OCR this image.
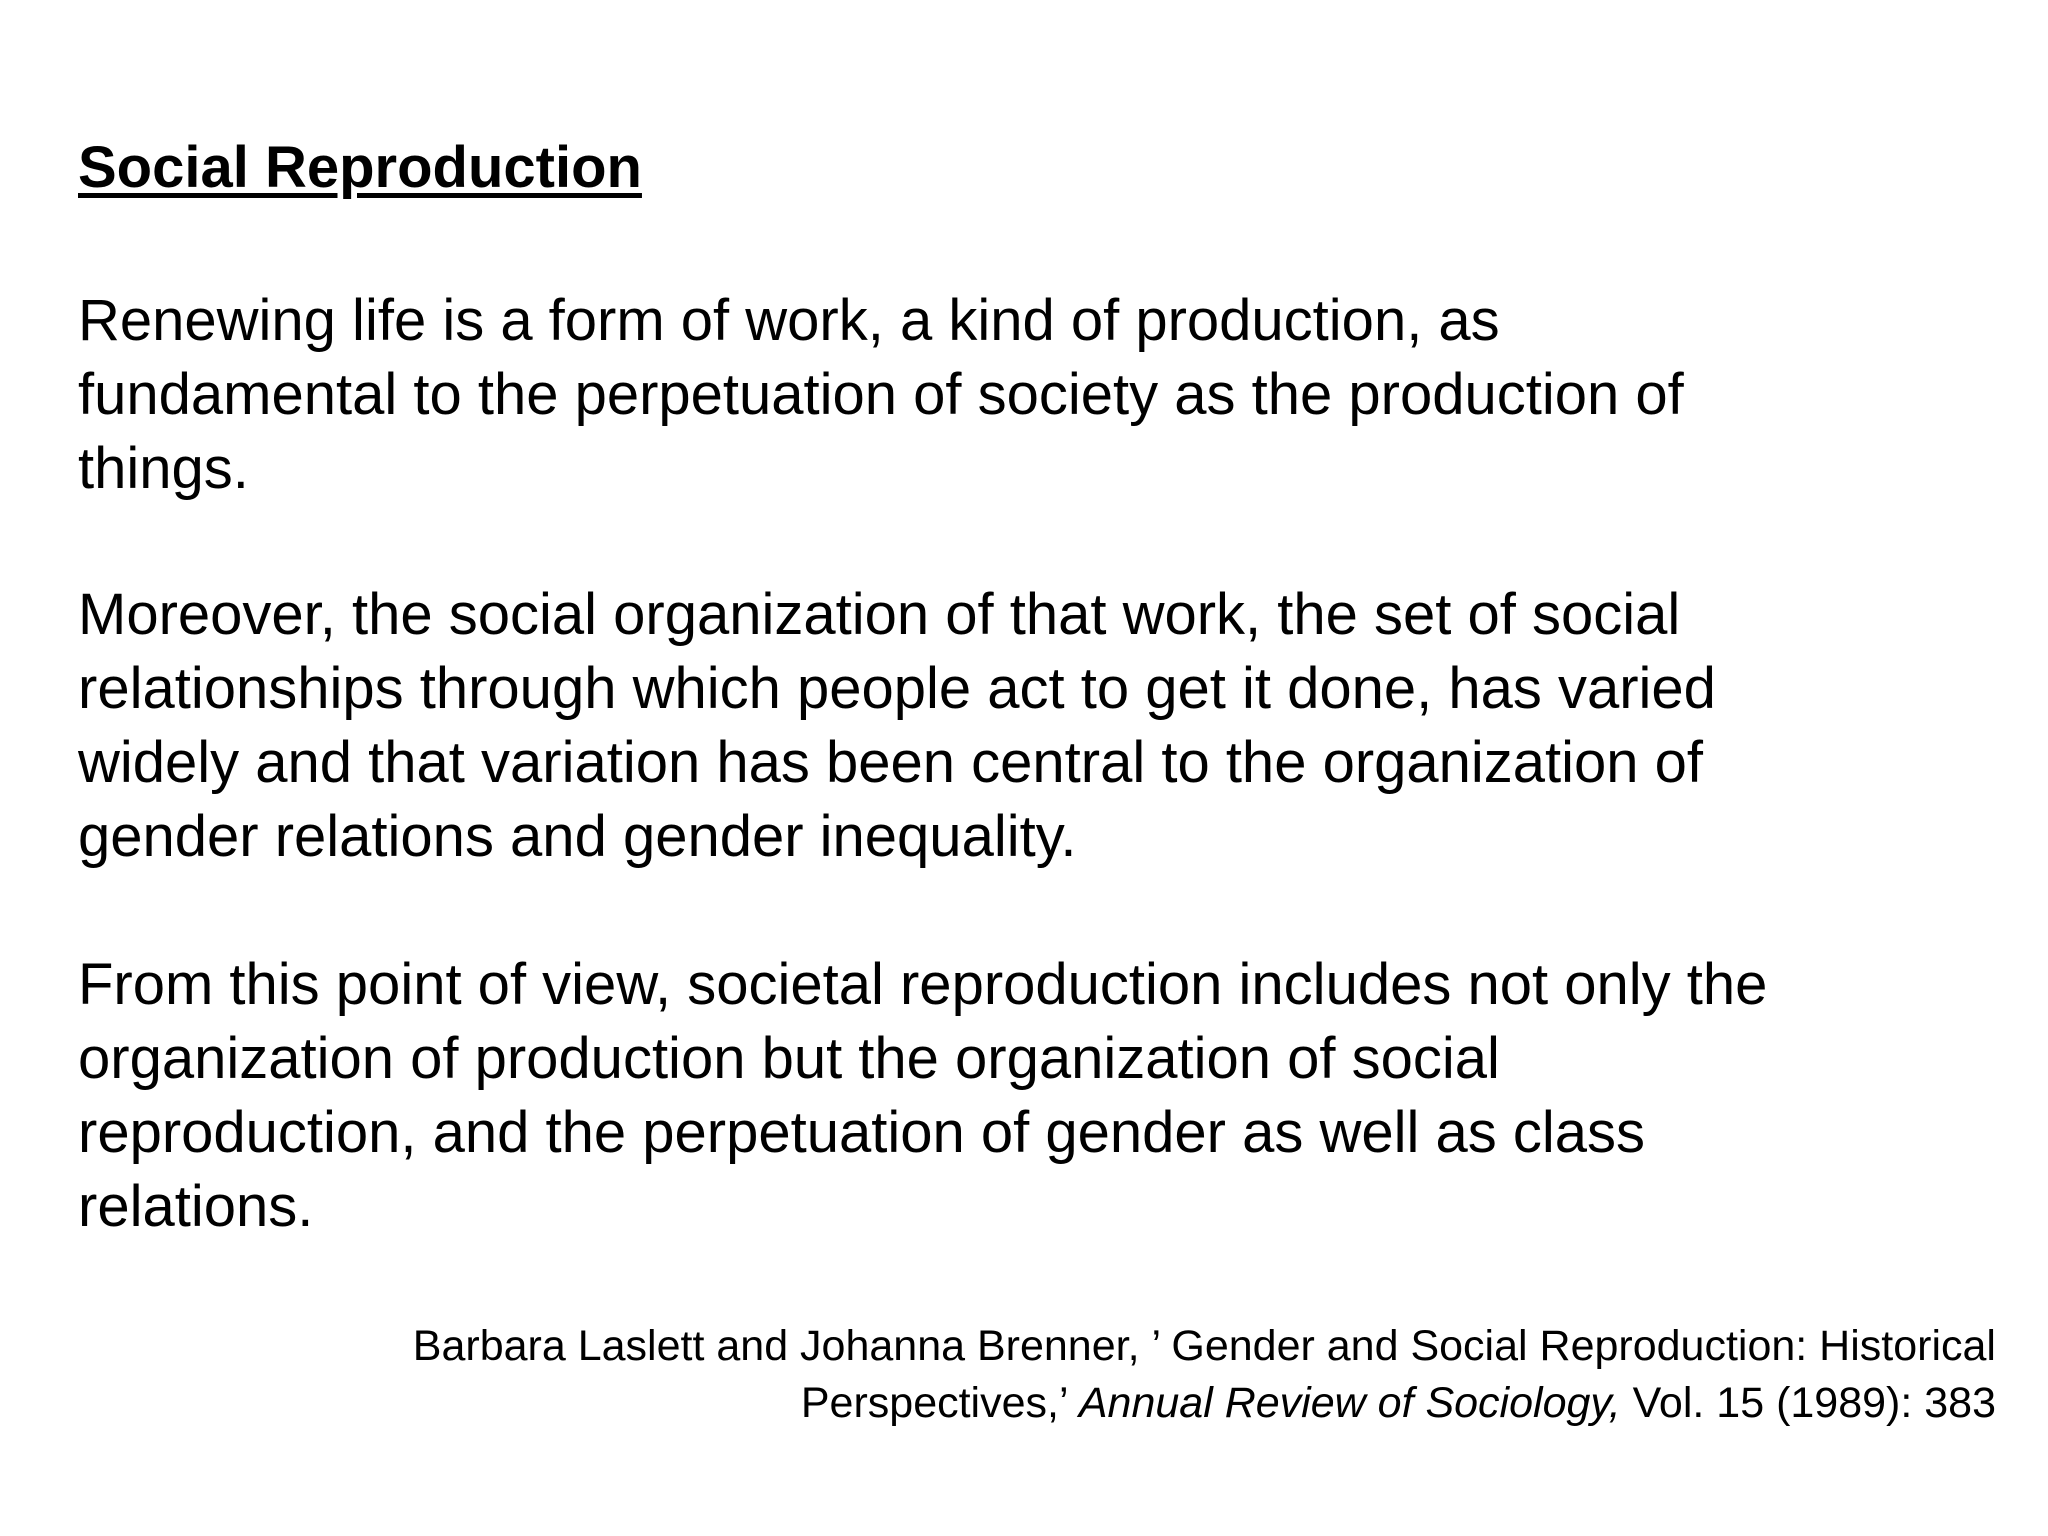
Social Reproduction
Renewing life is a form of work, a kind of production, as
fundamental to the perpetuation of society as the production of
things.
Moreover, the social organization of that work, the set of social
relationships through which people act to get it done, has varied
widely and that variation has been central to the organization of
gender relations and gender inequality.
From this point of view, societal reproduction includes not only the
organization of production but the organization of social
reproduction, and the perpetuation of gender as well as class
relations.
Barbara Laslett and Johanna Brenner, ’ Gender and Social Reproduction: Historical
Perspectives,’ Annual Review of Sociology, Vol. 15 (1989): 383
